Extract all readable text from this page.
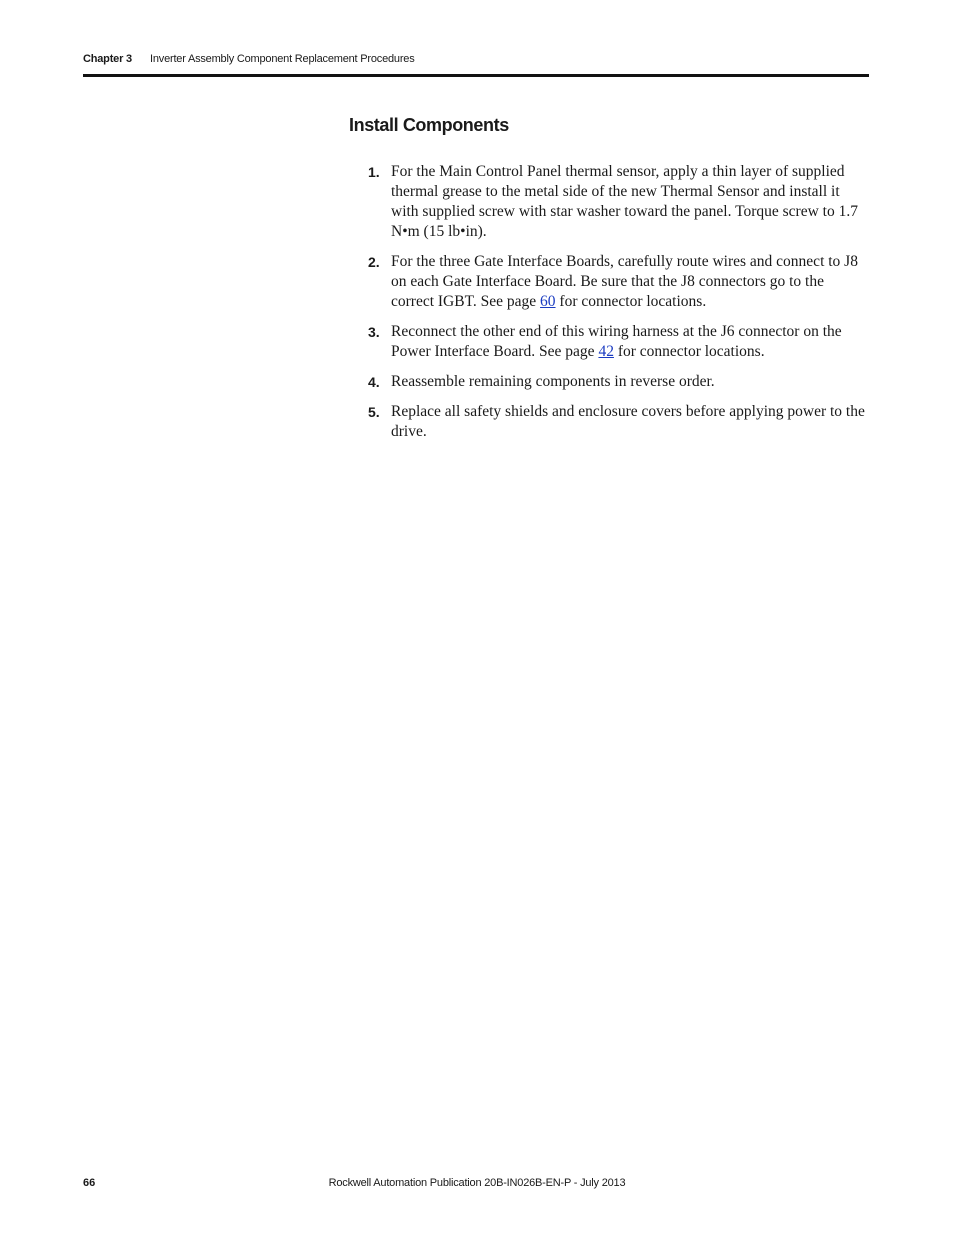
Chapter 3 Inverter Assembly Component Replacement Procedures
Install Components
1. For the Main Control Panel thermal sensor, apply a thin layer of supplied thermal grease to the metal side of the new Thermal Sensor and install it with supplied screw with star washer toward the panel. Torque screw to 1.7 N•m (15 lb•in).
2. For the three Gate Interface Boards, carefully route wires and connect to J8 on each Gate Interface Board. Be sure that the J8 connectors go to the correct IGBT. See page 60 for connector locations.
3. Reconnect the other end of this wiring harness at the J6 connector on the Power Interface Board. See page 42 for connector locations.
4. Reassemble remaining components in reverse order.
5. Replace all safety shields and enclosure covers before applying power to the drive.
66	Rockwell Automation Publication 20B-IN026B-EN-P - July 2013
